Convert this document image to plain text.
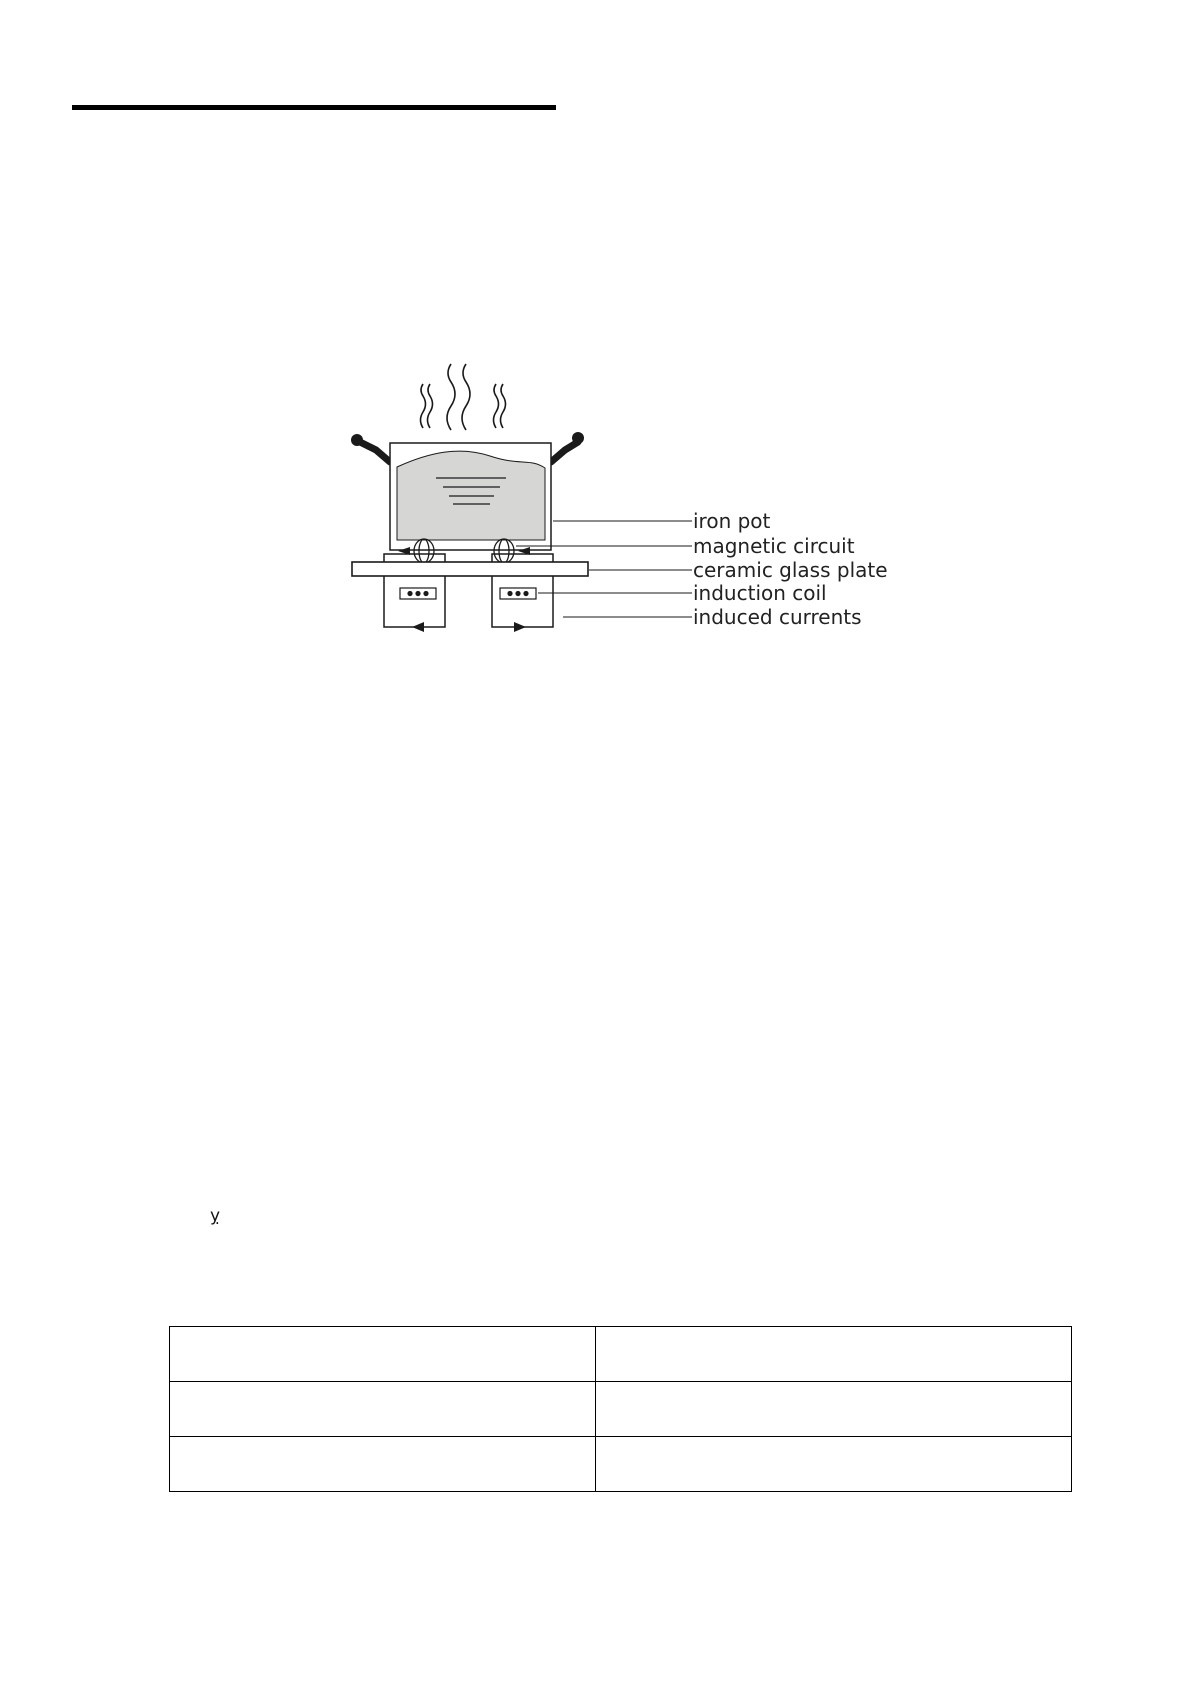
iron pot
magnetic circuit
ceramic glass plate
induction coil
induced currents
ỵ
